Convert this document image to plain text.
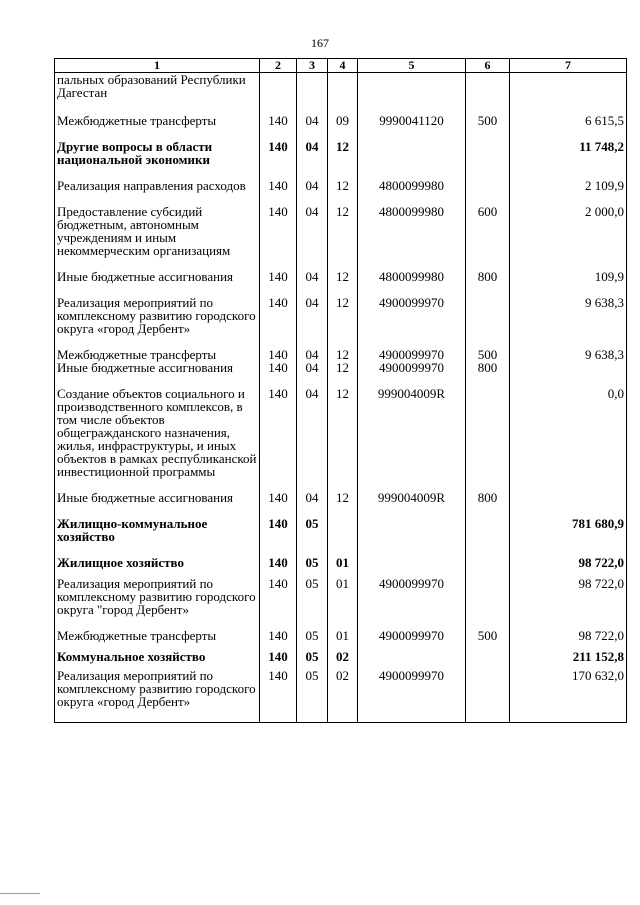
167
1	2	3	4	5	6	7
пальных образований Республики Дагестан						
Межбюджетные трансферты	140	04	09	9990041120	500	6 615,5
Другие вопросы в области национальной экономики	140	04	12			11 748,2
Реализация направления расходов	140	04	12	4800099980		2 109,9
Предоставление субсидий бюджетным, автономным учреждениям и иным некоммерческим организациям	140	04	12	4800099980	600	2 000,0
Иные бюджетные ассигнования	140	04	12	4800099980	800	109,9
Реализация мероприятий по комплексному развитию городского округа «город Дербент»	140	04	12	4900099970		9 638,3
Межбюджетные трансферты	140	04	12	4900099970	500	9 638,3
Иные бюджетные ассигнования	140	04	12	4900099970	800	
Создание объектов социального и производственного комплексов, в том числе объектов общегражданского назначения, жилья, инфраструктуры, и иных объектов в рамках республиканской инвестиционной программы	140	04	12	999004009R		0,0
Иные бюджетные ассигнования	140	04	12	999004009R	800	
Жилищно-коммунальное хозяйство	140	05				781 680,9
Жилищное хозяйство	140	05	01			98 722,0
Реализация мероприятий по комплексному развитию городского округа "город Дербент»	140	05	01	4900099970		98 722,0
Межбюджетные трансферты	140	05	01	4900099970	500	98 722,0
Коммунальное хозяйство	140	05	02			211 152,8
Реализация мероприятий по комплексному развитию городского округа «город Дербент»	140	05	02	4900099970		170 632,0
